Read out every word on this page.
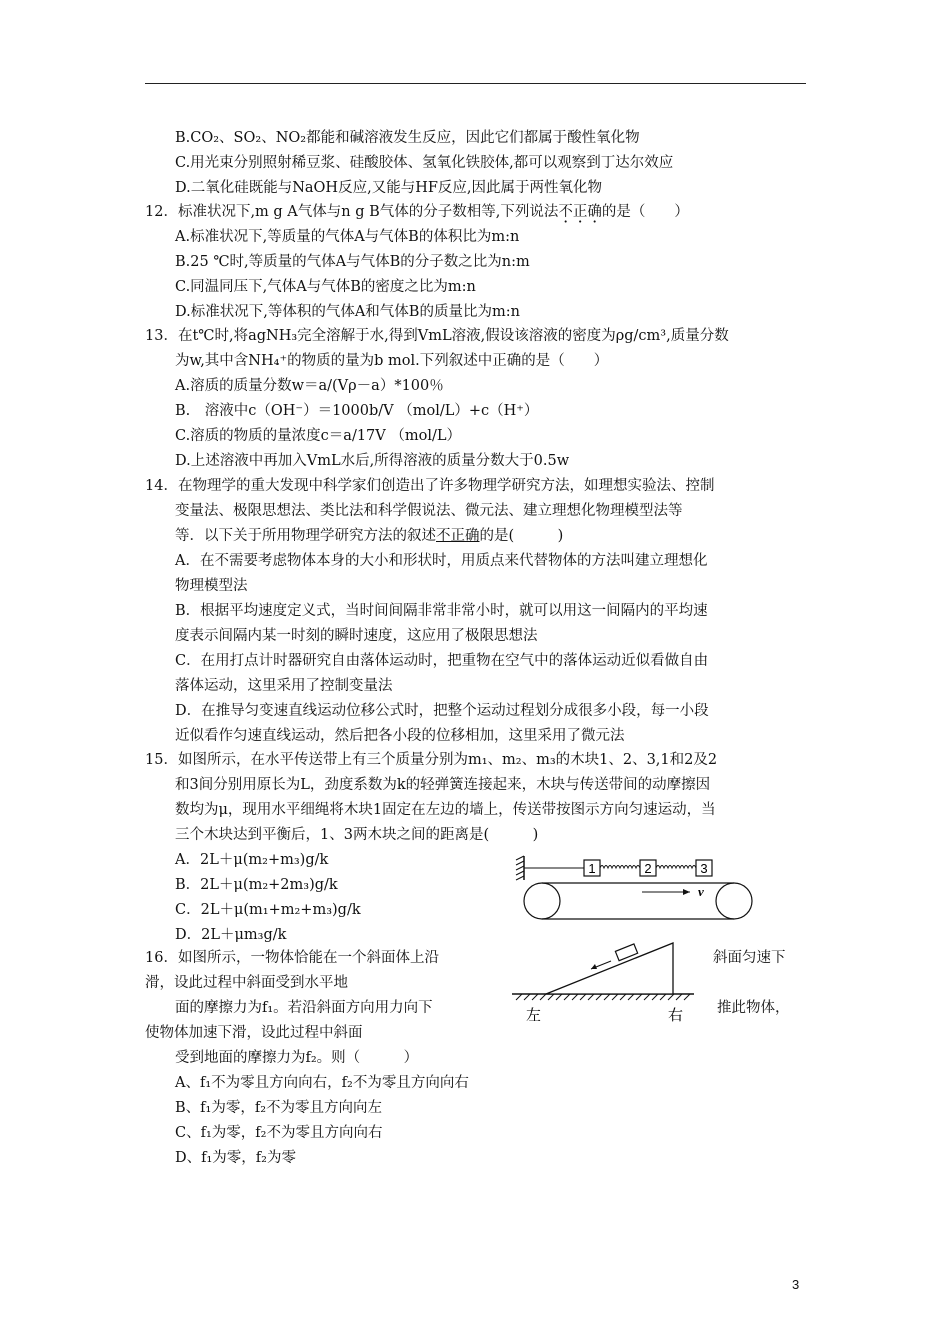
B.CO₂、SO₂、NO₂都能和碱溶液发生反应，因此它们都属于酸性氧化物
C.用光束分别照射稀豆浆、硅酸胶体、氢氧化铁胶体,都可以观察到丁达尔效应
D.二氧化硅既能与NaOH反应,又能与HF反应,因此属于两性氧化物
12．标准状况下,m g A气体与n g B气体的分子数相等,下列说法不正确的是（　　）
A.标准状况下,等质量的气体A与气体B的体积比为m:n
B.25 ℃时,等质量的气体A与气体B的分子数之比为n:m
C.同温同压下,气体A与气体B的密度之比为m:n
D.标准状况下,等体积的气体A和气体B的质量比为m:n
13．在t℃时,将agNH₃完全溶解于水,得到VmL溶液,假设该溶液的密度为ρg/cm³,质量分数
为w,其中含NH₄⁺的物质的量为b mol.下列叙述中正确的是（　　）
A.溶质的质量分数w＝a/(Vρ－a）*100％
B.　溶液中c（OH⁻）＝1000b/V （mol/L）+c（H⁺）
C.溶质的物质的量浓度c＝a/17V （mol/L）
D.上述溶液中再加入VmL水后,所得溶液的质量分数大于0.5w
14．在物理学的重大发现中科学家们创造出了许多物理学研究方法，如理想实验法、控制
变量法、极限思想法、类比法和科学假说法、微元法、建立理想化物理模型法等
等．以下关于所用物理学研究方法的叙述不正确的是(　　　)
A．在不需要考虑物体本身的大小和形状时，用质点来代替物体的方法叫建立理想化
物理模型法
B．根据平均速度定义式，当时间间隔非常非常小时，就可以用这一间隔内的平均速
度表示间隔内某一时刻的瞬时速度，这应用了极限思想法
C．在用打点计时器研究自由落体运动时，把重物在空气中的落体运动近似看做自由
落体运动，这里采用了控制变量法
D．在推导匀变速直线运动位移公式时，把整个运动过程划分成很多小段，每一小段
近似看作匀速直线运动，然后把各小段的位移相加，这里采用了微元法
15．如图所示，在水平传送带上有三个质量分别为m₁、m₂、m₃的木块1、2、3,1和2及2
和3间分别用原长为L，劲度系数为k的轻弹簧连接起来，木块与传送带间的动摩擦因
数均为μ，现用水平细绳将木块1固定在左边的墙上，传送带按图示方向匀速运动，当
三个木块达到平衡后，1、3两木块之间的距离是(　　　)
A．2L＋μ(m₂+m₃)g/k
B．2L＋μ(m₂+2m₃)g/k
C．2L＋μ(m₁+m₂+m₃)g/k
D．2L＋μm₃g/k
1	2	3
v
16．如图所示，一物体恰能在一个斜面体上沿	斜面匀速下
滑，设此过程中斜面受到水平地
面的摩擦力为f₁。若沿斜面方向用力向下	推此物体，
使物体加速下滑，设此过程中斜面
受到地面的摩擦力为f₂。则（　　　）
A、f₁不为零且方向向右，f₂不为零且方向向右
B、f₁为零，f₂不为零且方向向左
C、f₁为零，f₂不为零且方向向右
D、f₁为零，f₂为零
左	右
3
